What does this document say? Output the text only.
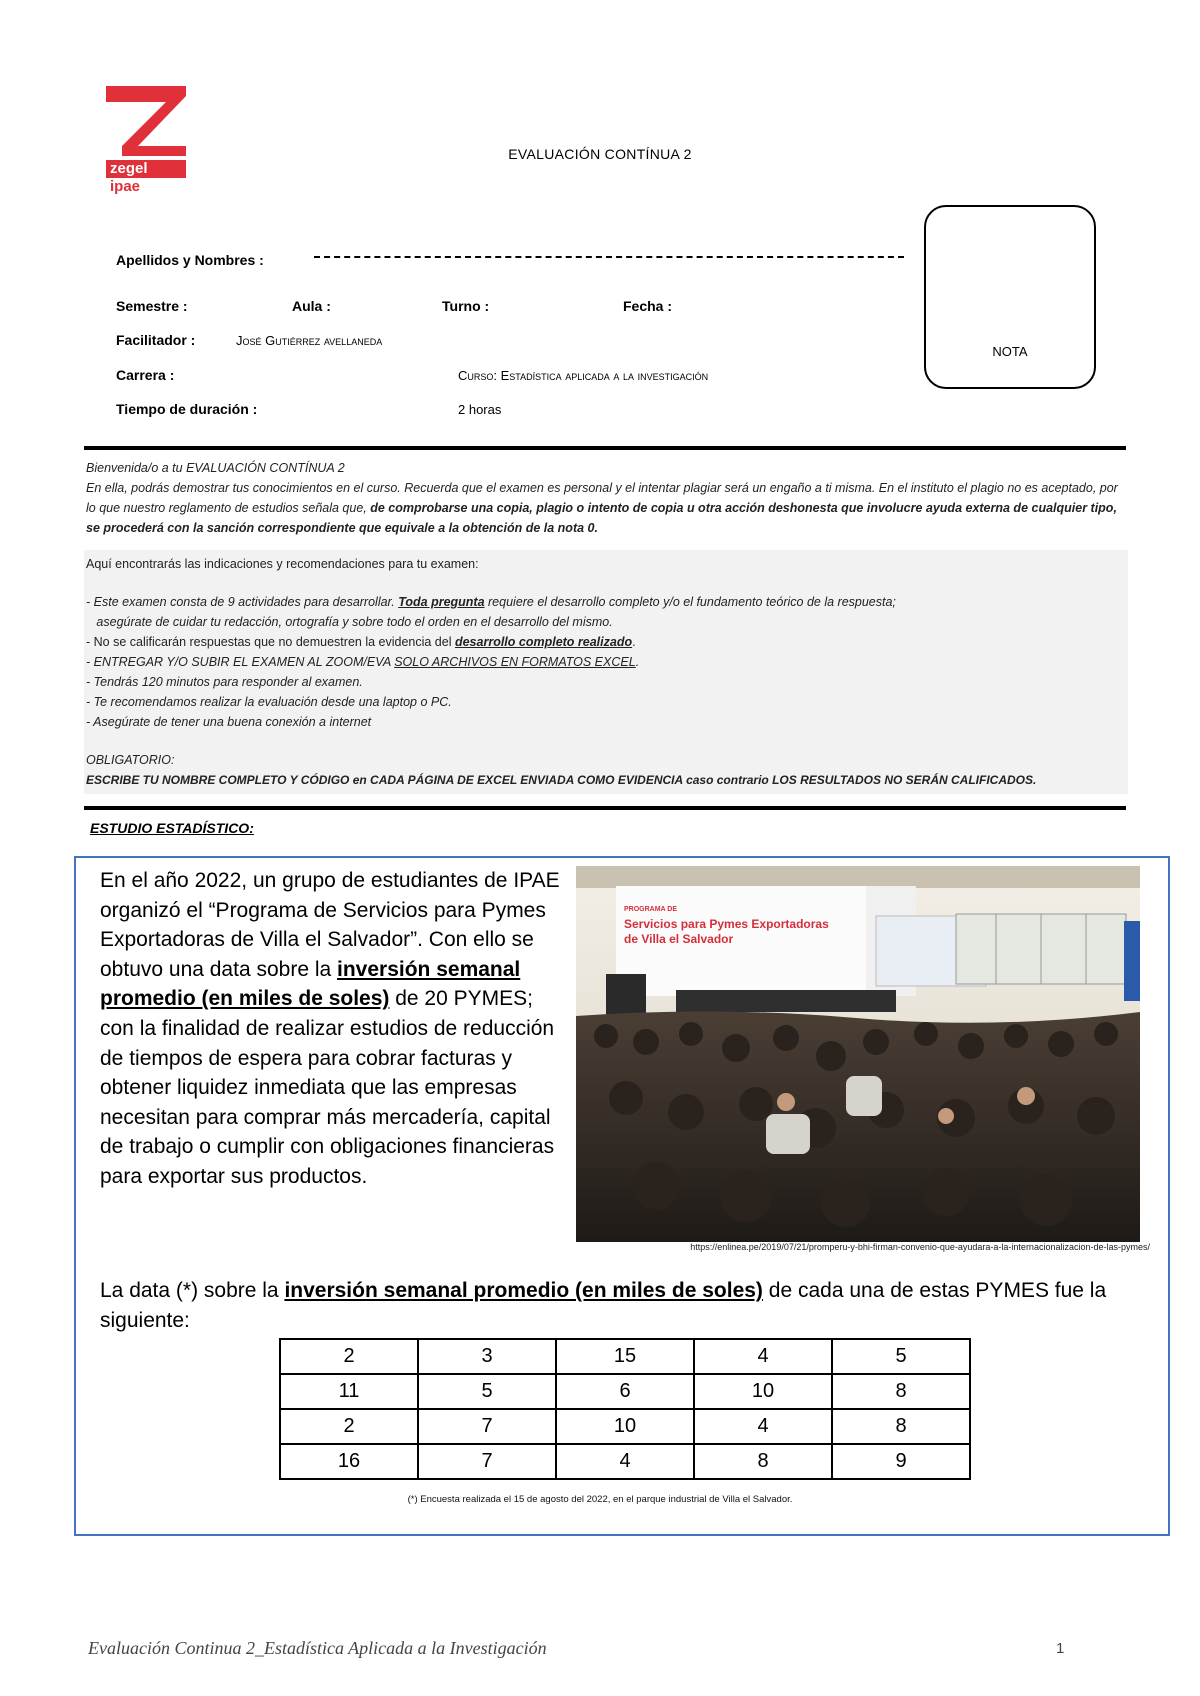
zegel
ipae
EVALUACIÓN CONTÍNUA 2
Apellidos y Nombres :
Semestre :	Aula :	Turno :	Fecha :
Facilitador :	José Gutiérrez avellaneda
Carrera :	Curso: Estadística aplicada a la investigación
Tiempo de duración :	2 horas
NOTA
Bienvenida/o a tu EVALUACIÓN CONTÍNUA 2
En ella, podrás demostrar tus conocimientos en el curso. Recuerda que el examen es personal y el intentar plagiar será un engaño a ti misma. En el instituto el plagio no es aceptado, por lo que nuestro reglamento de estudios señala que, de comprobarse una copia, plagio o intento de copia u otra acción deshonesta que involucre ayuda externa de cualquier tipo, se procederá con la sanción correspondiente que equivale a la obtención de la nota 0.

Aquí encontrarás las indicaciones y recomendaciones para tu examen:

- Este examen consta de 9 actividades para desarrollar. Toda pregunta requiere el desarrollo completo y/o el fundamento teórico de la respuesta;

asegúrate de cuidar tu redacción, ortografía y sobre todo el orden en el desarrollo del mismo.

- No se calificarán respuestas que no demuestren la evidencia del desarrollo completo realizado.

- ENTREGAR Y/O SUBIR EL EXAMEN AL ZOOM/EVA SOLO ARCHIVOS EN FORMATOS EXCEL.

- Tendrás 120 minutos para responder al examen.

- Te recomendamos realizar la evaluación desde una laptop o PC.

- Asegúrate de tener una buena conexión a internet

OBLIGATORIO:

ESCRIBE TU NOMBRE COMPLETO Y CÓDIGO en CADA PÁGINA DE EXCEL ENVIADA COMO EVIDENCIA caso contrario LOS RESULTADOS NO SERÁN CALIFICADOS.

ESTUDIO ESTADÍSTICO:
En el año 2022, un grupo de estudiantes de IPAE organizó el “Programa de Servicios para Pymes Exportadoras de Villa el Salvador”. Con ello se obtuvo una data sobre la inversión semanal promedio (en miles de soles) de 20 PYMES; con la finalidad de realizar estudios de reducción de tiempos de espera para cobrar facturas y obtener liquidez inmediata que las empresas necesitan para comprar más mercadería, capital de trabajo o cumplir con obligaciones financieras para exportar sus productos.
PROGRAMA DE
Servicios para Pymes Exportadoras
de Villa el Salvador
https://enlinea.pe/2019/07/21/promperu-y-bhi-firman-convenio-que-ayudara-a-la-internacionalizacion-de-las-pymes/
La data (*) sobre la inversión semanal promedio (en miles de soles) de cada una de estas PYMES fue la siguiente:
2	3	15	4	5
11	5	6	10	8
2	7	10	4	8
16	7	4	8	9
(*) Encuesta realizada el 15 de agosto del 2022, en el parque industrial de Villa el Salvador.
Evaluación Continua 2_Estadística Aplicada a la Investigación	1
